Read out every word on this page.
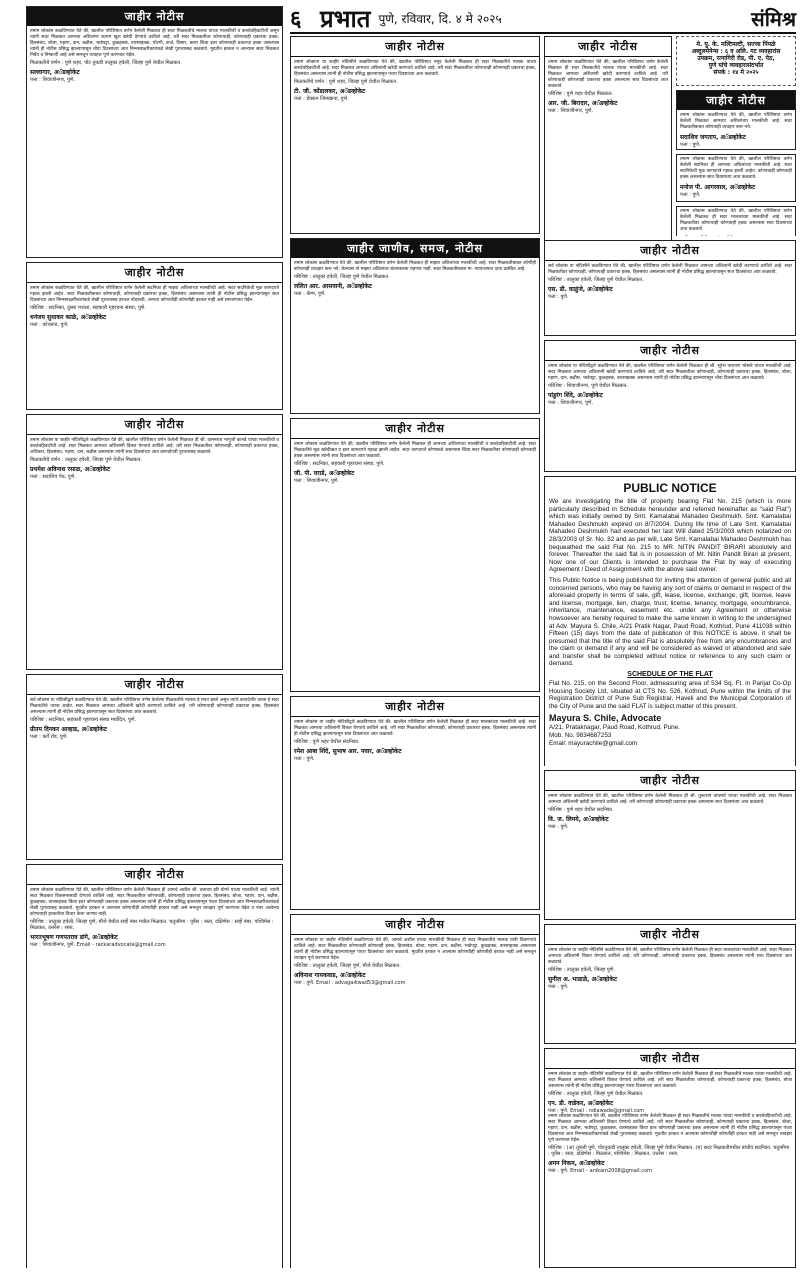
६ प्रभात पुणे, रविवार, दि. ४ मे २०२५	संमिश्र
जाहीर नोटीस

तमाम लोकांस कळविण्यात येते की, खालील परिशिष्टात वर्णन केलेली मिळकत ही सदर मिळकतीचे मालक यांच्या मालकीची व कब्जेवहिवाटीची असून त्यांनी सदर मिळकत आमच्या अशिलांना कायम खुश खरेदी देण्याचे ठरविले आहे. तरी सदर मिळकतीवर कोणाचाही, कोणत्याही प्रकारचा हक्क, हितसंबंध, बोजा, गहाण, दान, बक्षीस, भाडेपट्टा, कुळहक्क, वारसाहक्क, पोटगी, कर्ज, विसार, करार किंवा इतर कोणत्याही प्रकारचा हक्क असल्यास त्यांनी ही नोटीस प्रसिद्ध झाल्यापासून चौदा दिवसांच्या आत निम्नस्वाक्षरीकारांकडे लेखी पुराव्यासह कळवावे. मुदतीत हरकत न आल्यास सदर मिळकत निर्वेध व निष्कर्जी आहे असे समजून व्यवहार पूर्ण करण्यात येईल.

मिळकतीचे वर्णन : पुणे शहर, पोट तुकडी तालुका हवेली, जिल्हा पुणे येथील मिळकत.

सल्लागार, अॅडव्होकेट

पत्ता : शिवाजीनगर, पुणे.

जाहीर नोटीस

तमाम लोकांस कळविण्यात येते की, खालील परिशिष्टात वर्णन केलेली सदनिका ही माझ्या अशिलांच्या मालकीची आहे. सदर सदनिकेची मूळ कागदपत्रे गहाळ झाली आहेत. सदर मिळकतीबाबत कोणाचाही, कोणत्याही प्रकारचा हक्क, हितसंबंध असल्यास त्यांनी ही नोटीस प्रसिद्ध झाल्यापासून सात दिवसांच्या आत निम्नस्वाक्षरीकारांकडे लेखी पुराव्यासह हरकत नोंदवावी, अन्यथा कोणाचीही कोणतीही हरकत नाही असे समजण्यात येईल.

परिशिष्ट : सदनिका, दुसरा मजला, सहकारी गृहरचना संस्था, पुणे.

धनंजय सुधाकर काळे, अॅडव्होकेट

पत्ता : कोथरूड, पुणे.

जाहीर नोटीस

तमाम लोकांस या जाहीर नोटिसीद्वारे कळविण्यात येते की, खालील परिशिष्टात वर्णन केलेली मिळकत ही श्री. वामनराव भागुजी कानडे यांच्या मालकीची व कब्जेवहिवाटीची आहे. सदर मिळकत आमच्या अशिलांनी विकत घेण्याचे ठरविले आहे. तरी सदर मिळकतीवर कोणाचाही, कोणत्याही प्रकारचा हक्क, अधिकार, हितसंबंध, गहाण, दान, बक्षीस असल्यास त्यांनी सात दिवसांच्या आत कागदोपत्री पुराव्यासह कळवावे.

मिळकतीचे वर्णन : तालुका हवेली, जिल्हा पुणे येथील मिळकत.

प्रथमेश अविनाश रसाळ, अॅडव्होकेट

पत्ता : सदाशिव पेठ, पुणे.

जाहीर नोटीस

सर्व लोकांस या नोटिसीद्वारे कळविण्यात येते की, खालील परिशिष्टात वर्णन केलेल्या मिळकतीचे मालक हे मयत झाले असून त्यांचे कायदेशीर वारस हे सदर मिळकतीचे धारक आहेत. सदर मिळकत आमच्या अशिलांनी खरेदी करण्याचे ठरविले आहे. तरी कोणाचाही कोणत्याही प्रकारचा हक्क, हितसंबंध असल्यास त्यांनी ही नोटीस प्रसिद्ध झाल्यापासून सात दिवसांच्या आत कळवावे.

परिशिष्ट : सदनिका, सहकारी गृहरचना संस्था मर्यादित, पुणे.

प्रीतम दिनकर आव्हाड, अॅडव्होकेट

पत्ता : कर्वे रोड, पुणे.

जाहीर नोटीस

तमाम लोकांस कळविण्यात येते की, खालील परिशिष्टात वर्णन केलेली मिळकत ही आमचे अशील श्री. दत्तात्रय हरि घोगरे यांच्या मालकीची आहे. त्यांनी सदर मिळकत विकसनासाठी देण्याचे ठरविले आहे. सदर मिळकतीवर कोणाचाही, कोणत्याही प्रकारचा हक्क, हितसंबंध, बोजा, गहाण, दान, बक्षीस, कुळहक्क, वारसाहक्क किंवा इतर कोणत्याही प्रकारचा हक्क असल्यास त्यांनी ही नोटीस प्रसिद्ध झाल्यापासून पंधरा दिवसांच्या आत निम्नस्वाक्षरीकारांकडे लेखी पुराव्यासह कळवावे. मुदतीत हरकत न आल्यास कोणाचीही कोणतीही हरकत नाही असे समजून व्यवहार पूर्ण करण्यात येईल व नंतर आलेल्या कोणत्याही हरकतीचा विचार केला जाणार नाही.

परिशिष्ट : तालुका हवेली, जिल्हा पुणे, मौजे येथील सर्व्हे नंबर मधील मिळकत. चतुःसीमा : पूर्वेस : रस्ता, दक्षिणेस : सर्व्हे नंबर, पश्चिमेस : मिळकत, उत्तरेस : रस्ता.

भारतभूषण गणपतराव डांगे, अॅडव्होकेट

पत्ता : शिवाजीनगर, पुणे. Email - rackaradvocate@gmail.com

जाहीर नोटीस

तमाम लोकांना या जाहीर नोटिसीने कळविण्यात येते की, खालील परिशिष्टात नमूद केलेली मिळकत ही सदर मिळकतीचे मालक यांच्या कब्जेवहिवाटीची आहे. सदर मिळकत आमच्या अशिलांनी खरेदी करण्याचे ठरविले आहे. तरी सदर मिळकतीवर कोणाचाही कोणत्याही प्रकारचा हक्क, हितसंबंध असल्यास त्यांनी ही नोटीस प्रसिद्ध झाल्यापासून पंधरा दिवसांच्या आत कळवावे.

मिळकतीचे वर्णन : पुणे शहर, जिल्हा पुणे येथील मिळकत.

टी. जी. कोंडालकर, अॅडव्होकेट

पत्ता : डेक्कन जिमखाना, पुणे.

जाहीर जाणीव, समज, नोटीस

तमाम लोकांस कळविण्यात येते की, खालील परिशिष्टात वर्णन केलेली मिळकत ही माझ्या अशिलांच्या मालकीची आहे. सदर मिळकतीबाबत कोणीही कोणताही व्यवहार करू नये, केल्यास तो माझ्या अशिलांवर बंधनकारक राहणार नाही. सदर मिळकतीबाबत मा. न्यायालयात दावा प्रलंबित आहे.

परिशिष्ट : तालुका हवेली, जिल्हा पुणे येथील मिळकत.

ललित आर. आसवानी, अॅडव्होकेट

पत्ता : कॅम्प, पुणे.

जाहीर नोटीस

तमाम लोकांस कळविण्यात येते की, खालील परिशिष्टात वर्णन केलेली मिळकत ही आमच्या अशिलांच्या मालकीची व कब्जेवहिवाटीची आहे. सदर मिळकतीचे मूळ खरेदीखत व इतर कागदपत्रे गहाळ झाली आहेत. सदर कागदपत्रे कोणाकडे असल्यास किंवा सदर मिळकतीवर कोणाचाही कोणताही हक्क असल्यास त्यांनी सात दिवसांच्या आत कळवावे.

परिशिष्ट : सदनिका, सहकारी गृहरचना संस्था, पुणे.

जी. पी. घराडे, अॅडव्होकेट

पत्ता : शिवाजीनगर, पुणे.

जाहीर नोटीस

तमाम लोकांस या जाहीर नोटिसीद्वारे कळविण्यात येते की, खालील परिशिष्टात वर्णन केलेली मिळकत ही सदर मालकांच्या मालकीची आहे. सदर मिळकत आमच्या अशिलांनी विकत घेण्याचे ठरविले आहे. तरी सदर मिळकतीवर कोणाचाही, कोणत्याही प्रकारचा हक्क, हितसंबंध असल्यास त्यांनी ही नोटीस प्रसिद्ध झाल्यापासून सात दिवसांच्या आत कळवावे.

परिशिष्ट : पुणे शहर येथील सदनिका.

रमेश आबा शिंदे, सुभाष आर. पवार, अॅडव्होकेट

पत्ता : पुणे.

जाहीर नोटीस

तमाम लोकांस या जाहीर नोटिसीने कळविण्यात येते की, आमचे अशील यांच्या मालकीची मिळकत ही सदर मिळकतीचे मालक यांनी विकण्याचे ठरविले आहे. सदर मिळकतीवर कोणाचाही कोणताही हक्क, हितसंबंध, बोजा, गहाण, दान, बक्षीस, भाडेपट्टा, कुळहक्क, वारसाहक्क असल्यास त्यांनी ही नोटीस प्रसिद्ध झाल्यापासून पंधरा दिवसांच्या आत कळवावे. मुदतीत हरकत न आल्यास कोणाचीही कोणतीही हरकत नाही असे समजून व्यवहार पूर्ण करण्यात येईल.

परिशिष्ट : तालुका हवेली, जिल्हा पुणे, मौजे येथील मिळकत.

अविनाश गायकवाड, अॅडव्होकेट

पत्ता : पुणे. Email : advagaikwad53@gmail.com

जाहीर नोटीस

तमाम लोकांस कळविण्यात येते की, खालील परिशिष्टात वर्णन केलेली मिळकत ही सदर मिळकतीचे मालक यांच्या मालकीची आहे. सदर मिळकत आमच्या अशिलांनी खरेदी करण्याचे ठरविले आहे. तरी कोणाचाही कोणत्याही प्रकारचा हक्क असल्यास सात दिवसांच्या आत कळवावे.

परिशिष्ट : पुणे शहर येथील मिळकत.

आर. जी. बिरादार, अॅडव्होकेट

पत्ता : शिवाजीनगर, पुणे.

जाहीर नोटीस

सर्व लोकांस या नोटिसीने कळविण्यात येते की, खालील परिशिष्टात वर्णन केलेली मिळकत आमच्या अशिलांनी खरेदी करण्याचे ठरविले आहे. सदर मिळकतीवर कोणाचाही, कोणत्याही प्रकारचा हक्क, हितसंबंध असल्यास त्यांनी ही नोटीस प्रसिद्ध झाल्यापासून सात दिवसांच्या आत कळवावे.

परिशिष्ट : तालुका हवेली, जिल्हा पुणे येथील मिळकत.

एस. डी. वाळुंजे, अॅडव्होकेट

पत्ता : पुणे.

जाहीर नोटीस

तमाम लोकांस या नोटिसीद्वारे कळविण्यात येते की, खालील परिशिष्टात वर्णन केलेली मिळकत ही श्री. सुरेश नारायण भोसले यांच्या मालकीची आहे. सदर मिळकत आमच्या अशिलांनी खरेदी करण्याचे ठरविले आहे. तरी सदर मिळकतीवर कोणाचाही, कोणत्याही प्रकारचा हक्क, हितसंबंध, बोजा, गहाण, दान, बक्षीस, भाडेपट्टा, कुळहक्क, वारसाहक्क असल्यास त्यांनी ही नोटीस प्रसिद्ध झाल्यापासून चौदा दिवसांच्या आत कळवावे.

परिशिष्ट : शिवाजीनगर, पुणे येथील मिळकत.

पांडुरंग शिंदे, अॅडव्होकेट

पत्ता : शिवाजीनगर, पुणे.

PUBLIC NOTICE

We are investigating the title of property bearing Flat No. 215 (which is more particularly described in Schedule hereunder and referred hereinafter as "said Flat") which was initially owned by Smt. Kamalabai Mahadeo Deshmukh. Smt. Kamalabai Mahadeo Deshmukh expired on 8/7/2004. During life time of Late Smt. Kamalabai Mahadeo Deshmukh had executed her last Will dated 25/3/2003 which notarized on 28/3/2003 of Sr. No. 82 and as per will, Late Smt. Kamalabai Mahadeo Deshmukh has bequeathed the said Flat No. 215 to MR. NITIN PANDIT BIRARI absolutely and forever. Thereafter the said flat is in possession of Mr. Nitin Pandit Birari at present, Now one of our Clients is intended to purchase the Flat by way of executing Agreement / Deed of Assignment with the above said owner.

This Public Notice is being published for inviting the attention of general public and all concerned persons, who may be having any sort of claims or demand in respect of the aforesaid property in terms of sale, gift, lease, license, exchange, gift, license, leave and license, mortgage, lien, charge, trust, license, tenancy, mortgage, encumbrance, inheritance, maintenance, easement etc. under any Agreement or otherwise howsoever are hereby required to make the same known in writing to the undersigned at Adv. Mayura S. Chile, A/21 Pratik Nagar, Paud Road, Kothrud, Pune 411038 within Fifteen (15) days from the date of publication of this NOTICE is above, it shall be presumed that the title of the said Flat is absolutely free from any encumbrances and the claim or demand if any and will be considered as waived or abandoned and sale and transfer shall be completed without notice or reference to any such claim or demand.

SCHEDULE OF THE FLAT

Flat No. 215, on the Second Floor, admeasuring area of 534 Sq. Ft. in Parijat Co-Op Housing Society Ltd, situated at CTS No. 526, Kothrud, Pune within the limits of the Registration District of Pune Sub Registrar, Haveli and the Municipal Corporation of the City of Pune and the said FLAT is subject matter of this present.

Mayura S. Chile, Advocate

A/21, Prataknagar, Paud Road, Kothrud, Pune.

Mob. No. 9834687253

Email: mayurachile@gmail.com

जाहीर नोटीस

तमाम लोकांस कळविण्यात येते की, खालील परिशिष्टात वर्णन केलेली मिळकत ही श्री. तुकाराम वाघमारे यांच्या मालकीची आहे. सदर मिळकत आमच्या अशिलांनी खरेदी करण्याचे ठरविले आहे. तरी कोणाचाही कोणत्याही प्रकारचा हक्क असल्यास सात दिवसांच्या आत कळवावे.

परिशिष्ट : पुणे शहर येथील सदनिका.

वि. ज. लिमये, अॅडव्होकेट

पत्ता : पुणे.

जाहीर नोटीस

तमाम लोकांस या जाहीर नोटिसीने कळविण्यात येते की, खालील परिशिष्टात वर्णन केलेली मिळकत ही सदर मालकांच्या मालकीची आहे. सदर मिळकत आमच्या अशिलांनी विकत घेण्याचे ठरविले आहे. तरी कोणाचाही, कोणत्याही प्रकारचा हक्क, हितसंबंध असल्यास त्यांनी सात दिवसांच्या आत कळवावे.

परिशिष्ट : तालुका हवेली, जिल्हा पुणे.

सुनील अ. भाडाळे, अॅडव्होकेट

पत्ता : पुणे.

जाहीर नोटीस

तमाम लोकांस या जाहीर नोटिसीने कळविण्यात येते की, खालील परिशिष्टात वर्णन केलेली मिळकत ही सदर मिळकतीचे मालक यांच्या मालकीची आहे. सदर मिळकत आमच्या अशिलांनी विकत घेण्याचे ठरविले आहे. तरी सदर मिळकतीवर कोणाचाही, कोणत्याही प्रकारचा हक्क, हितसंबंध, बोजा असल्यास त्यांनी ही नोटीस प्रसिद्ध झाल्यापासून पंधरा दिवसांच्या आत कळवावे.

परिशिष्ट : तालुका हवेली, जिल्हा पुणे येथील मिळकत.

एन. डी. वाडेकर, अॅडव्होकेट

पत्ता : पुणे. Email : ndiawade@gmail.com

तमाम लोकांस कळविण्यात येते की, खालील परिशिष्टात वर्णन केलेली मिळकत ही सदर मिळकतीचे मालक यांच्या मालकीची व कब्जेवहिवाटीची आहे. सदर मिळकत आमच्या अशिलांनी विकत घेण्याचे ठरविले आहे. तरी सदर मिळकतीवर कोणाचाही, कोणत्याही प्रकारचा हक्क, हितसंबंध, बोजा, गहाण, दान, बक्षीस, भाडेपट्टा, कुळहक्क, वारसाहक्क किंवा इतर कोणत्याही प्रकारचा हक्क असल्यास त्यांनी ही नोटीस प्रसिद्ध झाल्यापासून पंधरा दिवसांच्या आत निम्नस्वाक्षरीकारांकडे लेखी पुराव्यासह कळवावे. मुदतीत हरकत न आल्यास कोणाचीही कोणतीही हरकत नाही असे समजून व्यवहार पूर्ण करण्यात येईल.

परिशिष्ट : (अ) तुकडी पुणे, पोटतुकडी तालुका हवेली, जिल्हा पुणे येथील मिळकत. (ब) सदर मिळकतीमधील बांधीव सदनिका. चतुःसीमा : पूर्वेस : रस्ता, दक्षिणेस : मिळकत, पश्चिमेस : मिळकत, उत्तरेस : रस्ता.

अमन निकम, अॅडव्होकेट

पत्ता : पुणे. Email – anikam2008@gmail.com

मे. यु. के. मल्टिमल्टी, सज्जा पिंपळे
अब्दुलमेनेन्स : ६ व अलि. गट व्यवहारांस
उपक्रम, रत्नागिरी रोड, पी. ए. पेठ,
पुणे यांचे व्यवहारासंदर्भात
संपर्क : १४ मे २०२५
जाहीर नोटीस

तमाम लोकांस कळविण्यात येते की, खालील परिशिष्टात वर्णन केलेली मिळकत आमच्या अशिलांच्या मालकीची आहे. सदर मिळकतीबाबत कोणताही व्यवहार करू नये.

सदाशिव जगताप, अॅडव्होकेट

पत्ता : पुणे.

तमाम लोकांस कळविण्यात येते की, खालील परिशिष्टात वर्णन केलेली सदनिका ही आमच्या अशिलांच्या मालकीची आहे. सदर सदनिकेची मूळ कागदपत्रे गहाळ झाली आहेत. कोणाचाही कोणताही हक्क असल्यास सात दिवसांच्या आत कळवावे.

मनोज पी. आगरवाल, अॅडव्होकेट

पत्ता : पुणे.

तमाम लोकांस कळविण्यात येते की, खालील परिशिष्टात वर्णन केलेली मिळकत ही सदर मालकांच्या मालकीची आहे. सदर मिळकतीवर कोणाचाही कोणताही हक्क असल्यास सात दिवसांच्या आत कळवावे.
